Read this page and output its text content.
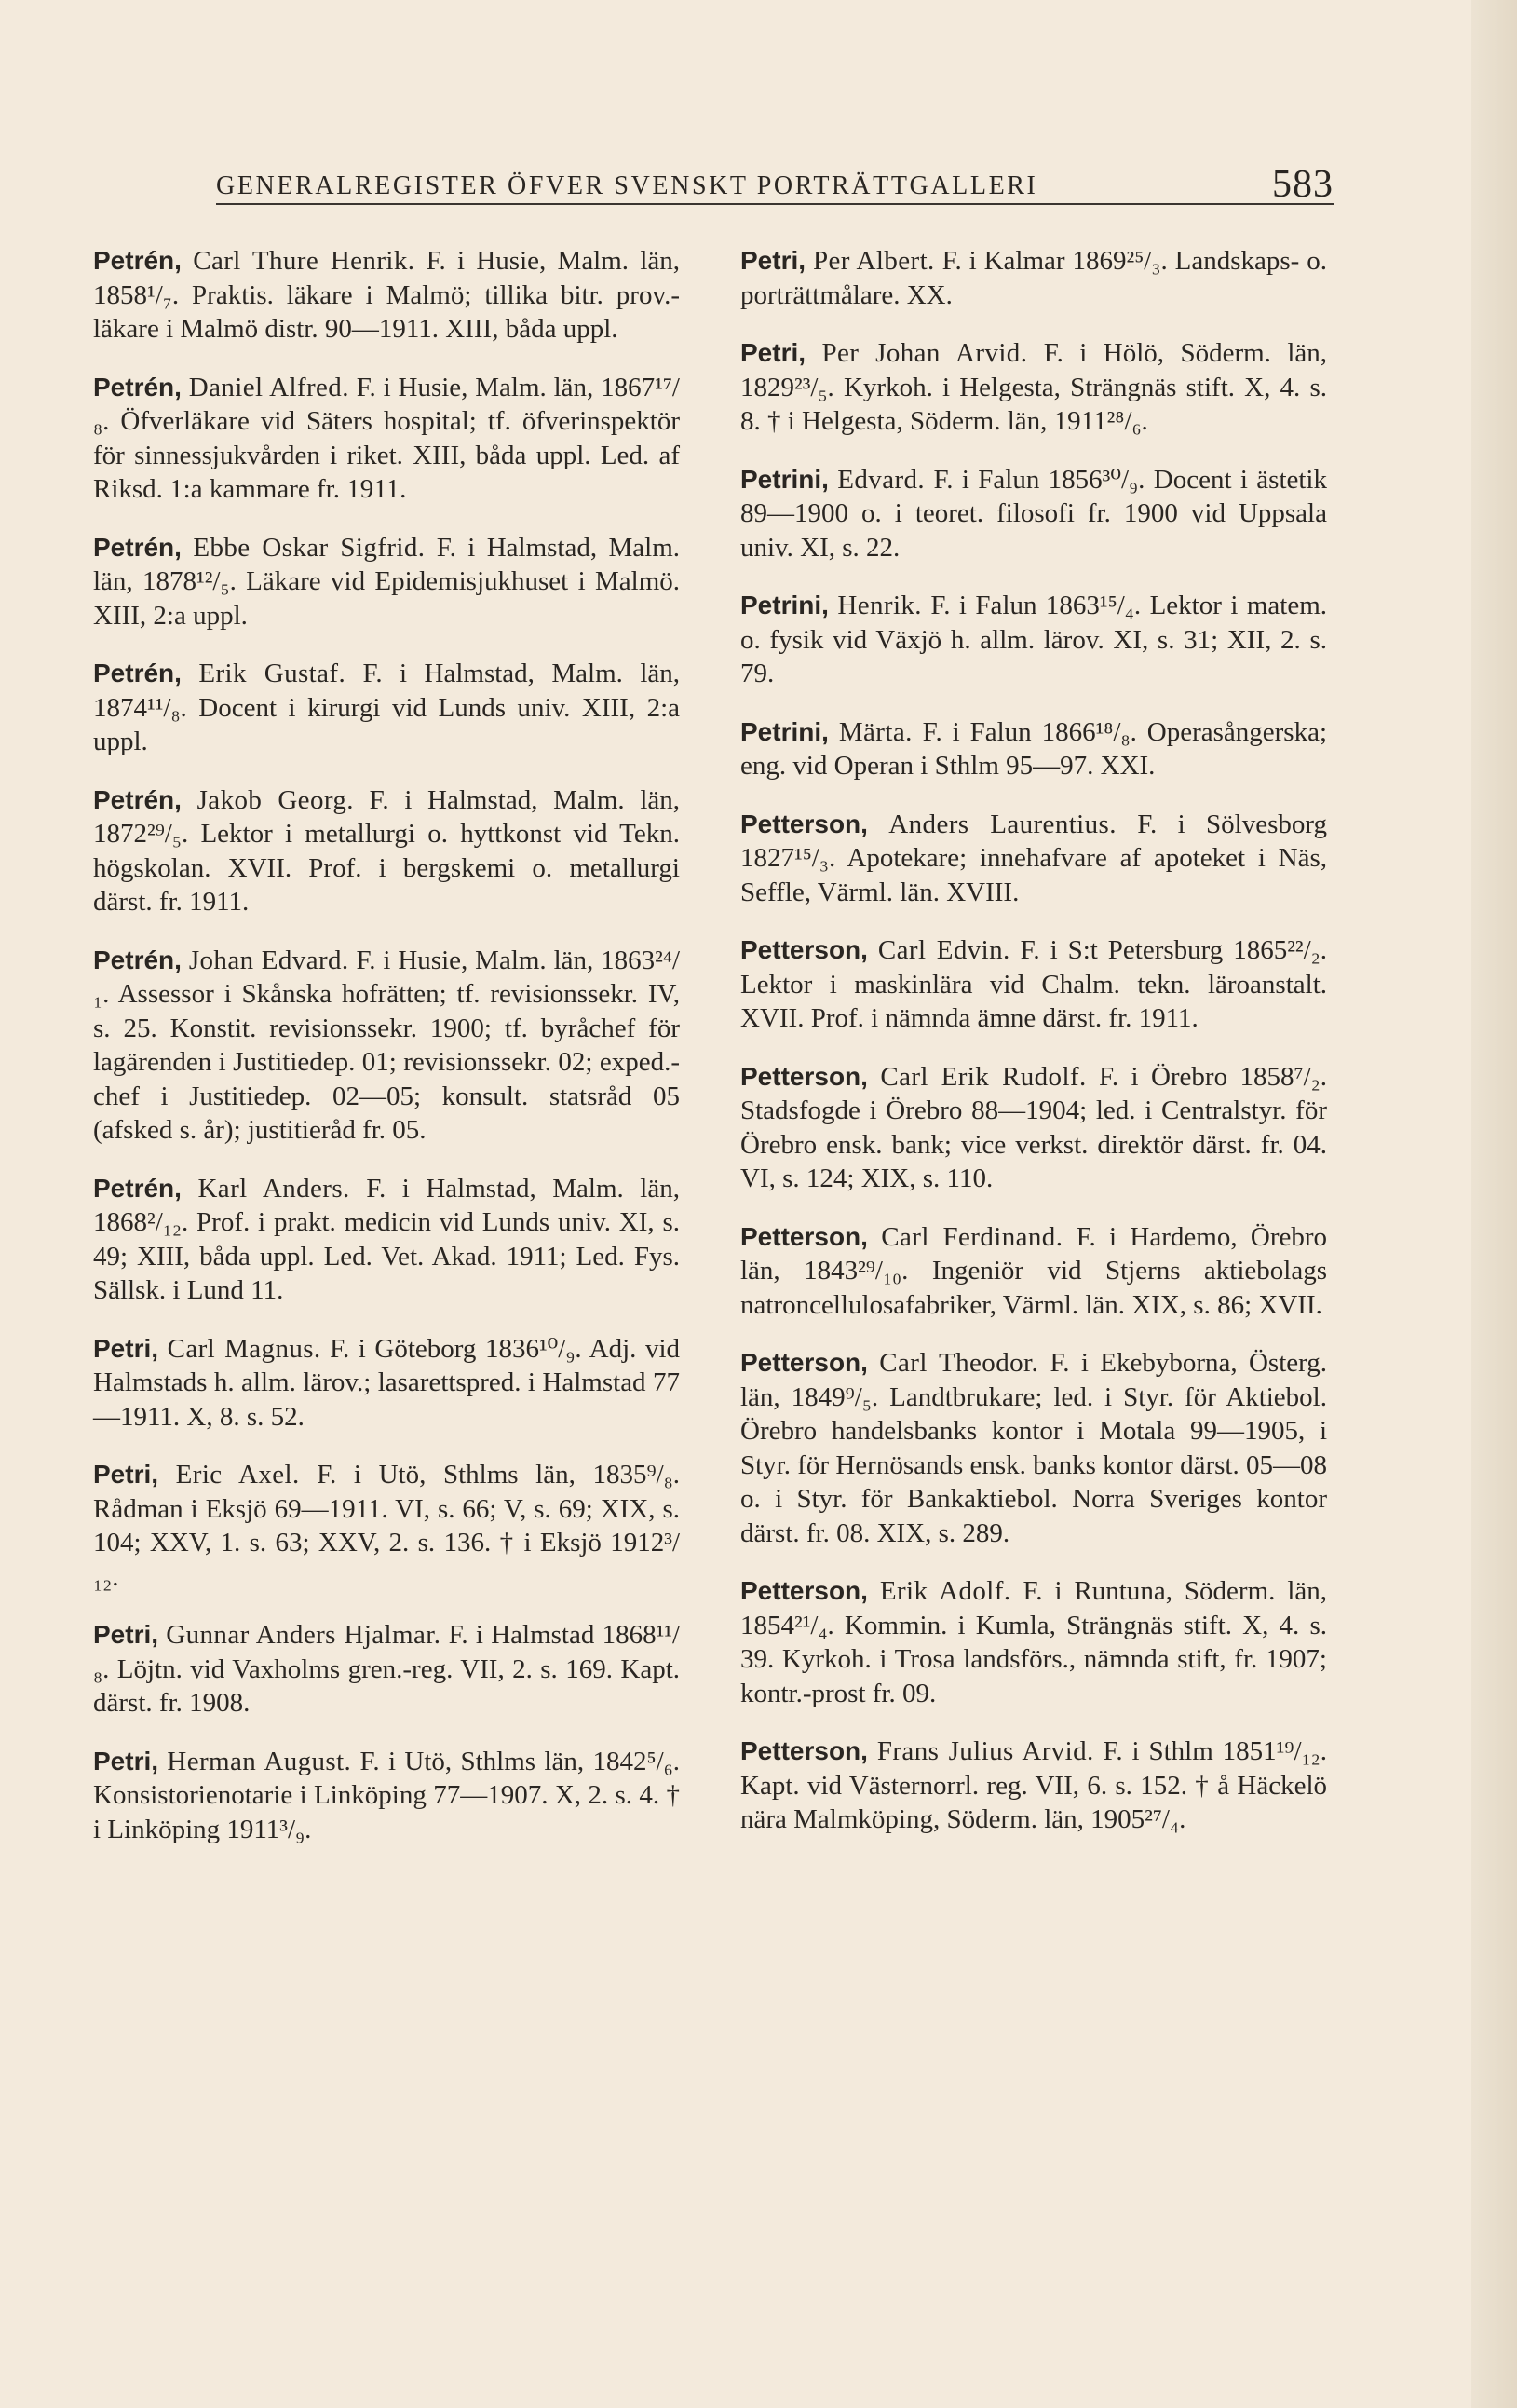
GENERALREGISTER ÖFVER SVENSKT PORTRÄTTGALLERI	583

Petrén, Carl Thure Henrik. F. i Husie, Malm. län, 1858¹/₇. Praktis. läkare i Malmö; tillika bitr. prov.-läkare i Malmö distr. 90—1911. XIII, båda uppl.

Petrén, Daniel Alfred. F. i Husie, Malm. län, 1867¹⁷/₈. Öfverläkare vid Säters hospital; tf. öfverinspektör för sinnessjukvården i riket. XIII, båda uppl. Led. af Riksd. 1:a kammare fr. 1911.

Petrén, Ebbe Oskar Sigfrid. F. i Halmstad, Malm. län, 1878¹²/₅. Läkare vid Epidemisjukhuset i Malmö. XIII, 2:a uppl.

Petrén, Erik Gustaf. F. i Halmstad, Malm. län, 1874¹¹/₈. Docent i kirurgi vid Lunds univ. XIII, 2:a uppl.

Petrén, Jakob Georg. F. i Halmstad, Malm. län, 1872²⁹/₅. Lektor i metallurgi o. hyttkonst vid Tekn. högskolan. XVII. Prof. i bergskemi o. metallurgi därst. fr. 1911.

Petrén, Johan Edvard. F. i Husie, Malm. län, 1863²⁴/₁. Assessor i Skånska hofrätten; tf. revisionssekr. IV, s. 25. Konstit. revisionssekr. 1900; tf. byråchef för lagärenden i Justitiedep. 01; revisionssekr. 02; exped.-chef i Justitiedep. 02—05; konsult. statsråd 05 (afsked s. år); justitieråd fr. 05.

Petrén, Karl Anders. F. i Halmstad, Malm. län, 1868²/₁₂. Prof. i prakt. medicin vid Lunds univ. XI, s. 49; XIII, båda uppl. Led. Vet. Akad. 1911; Led. Fys. Sällsk. i Lund 11.

Petri, Carl Magnus. F. i Göteborg 1836¹⁰/₉. Adj. vid Halmstads h. allm. lärov.; lasarettspred. i Halmstad 77—1911. X, 8. s. 52.

Petri, Eric Axel. F. i Utö, Sthlms län, 1835⁹/₈. Rådman i Eksjö 69—1911. VI, s. 66; V, s. 69; XIX, s. 104; XXV, 1. s. 63; XXV, 2. s. 136. † i Eksjö 1912³/₁₂.

Petri, Gunnar Anders Hjalmar. F. i Halmstad 1868¹¹/₈. Löjtn. vid Vaxholms gren.-reg. VII, 2. s. 169. Kapt. därst. fr. 1908.

Petri, Herman August. F. i Utö, Sthlms län, 1842⁵/₆. Konsistorienotarie i Linköping 77—1907. X, 2. s. 4. † i Linköping 1911³/₉.

Petri, Per Albert. F. i Kalmar 1869²⁵/₃. Landskaps- o. porträttmålare. XX.

Petri, Per Johan Arvid. F. i Hölö, Söderm. län, 1829²³/₅. Kyrkoh. i Helgesta, Strängnäs stift. X, 4. s. 8. † i Helgesta, Söderm. län, 1911²⁸/₆.

Petrini, Edvard. F. i Falun 1856³⁰/₉. Docent i ästetik 89—1900 o. i teoret. filosofi fr. 1900 vid Uppsala univ. XI, s. 22.

Petrini, Henrik. F. i Falun 1863¹⁵/₄. Lektor i matem. o. fysik vid Växjö h. allm. lärov. XI, s. 31; XII, 2. s. 79.

Petrini, Märta. F. i Falun 1866¹⁸/₈. Operasångerska; eng. vid Operan i Sthlm 95—97. XXI.

Petterson, Anders Laurentius. F. i Sölvesborg 1827¹⁵/₃. Apotekare; innehafvare af apoteket i Näs, Seffle, Värml. län. XVIII.

Petterson, Carl Edvin. F. i S:t Petersburg 1865²²/₂. Lektor i maskinlära vid Chalm. tekn. läroanstalt. XVII. Prof. i nämnda ämne därst. fr. 1911.

Petterson, Carl Erik Rudolf. F. i Örebro 1858⁷/₂. Stadsfogde i Örebro 88—1904; led. i Centralstyr. för Örebro ensk. bank; vice verkst. direktör därst. fr. 04. VI, s. 124; XIX, s. 110.

Petterson, Carl Ferdinand. F. i Hardemo, Örebro län, 1843²⁹/₁₀. Ingeniör vid Stjerns aktiebolags natroncellulosafabriker, Värml. län. XIX, s. 86; XVII.

Petterson, Carl Theodor. F. i Ekebyborna, Österg. län, 1849⁹/₅. Landtbrukare; led. i Styr. för Aktiebol. Örebro handelsbanks kontor i Motala 99—1905, i Styr. för Hernösands ensk. banks kontor därst. 05—08 o. i Styr. för Bankaktiebol. Norra Sveriges kontor därst. fr. 08. XIX, s. 289.

Petterson, Erik Adolf. F. i Runtuna, Söderm. län, 1854²¹/₄. Kommin. i Kumla, Strängnäs stift. X, 4. s. 39. Kyrkoh. i Trosa landsförs., nämnda stift, fr. 1907; kontr.-prost fr. 09.

Petterson, Frans Julius Arvid. F. i Sthlm 1851¹⁹/₁₂. Kapt. vid Västernorrl. reg. VII, 6. s. 152. † å Häckelö nära Malmköping, Söderm. län, 1905²⁷/₄.
